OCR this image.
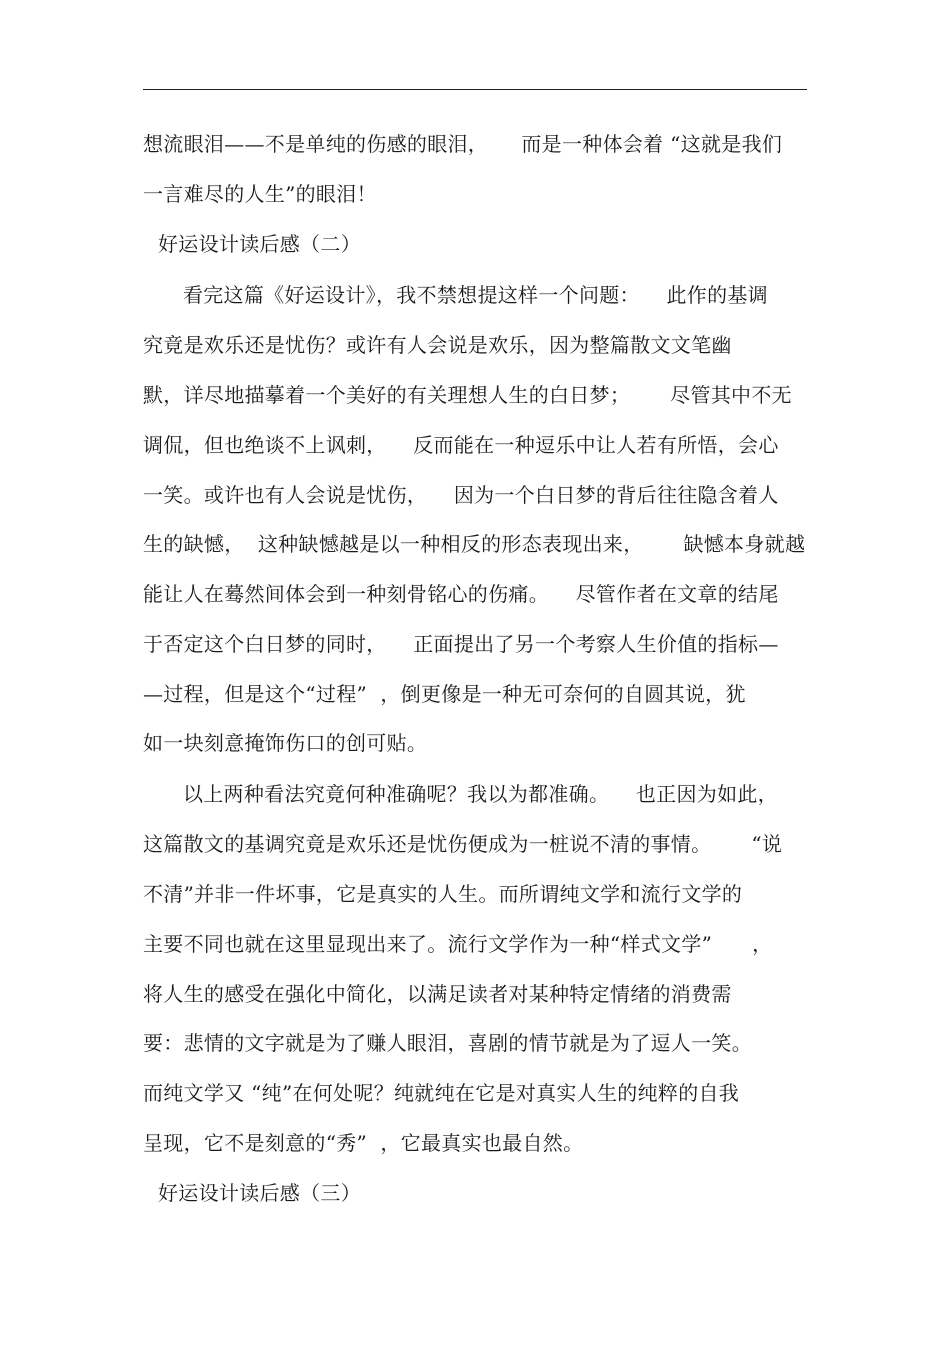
想流眼泪——不是单纯的伤感的眼泪，     而是一种体会着 “这就是我们
一言难尽的人生”的眼泪！
好运设计读后感（二）
看完这篇《好运设计》，我不禁想提这样一个问题：    此作的基调
究竟是欢乐还是忧伤？或许有人会说是欢乐，因为整篇散文文笔幽
默，详尽地描摹着一个美好的有关理想人生的白日梦；      尽管其中不无
调侃，但也绝谈不上讽刺，    反而能在一种逗乐中让人若有所悟，会心
一笑。或许也有人会说是忧伤，    因为一个白日梦的背后往往隐含着人
生的缺憾，  这种缺憾越是以一种相反的形态表现出来，      缺憾本身就越
能让人在蓦然间体会到一种刻骨铭心的伤痛。    尽管作者在文章的结尾
于否定这个白日梦的同时，    正面提出了另一个考察人生价值的指标—
—过程，但是这个“过程”  ，倒更像是一种无可奈何的自圆其说，犹
如一块刻意掩饰伤口的创可贴。
以上两种看法究竟何种准确呢？我以为都准确。    也正因为如此，
这篇散文的基调究竟是欢乐还是忧伤便成为一桩说不清的事情。      “说
不清”并非一件坏事，它是真实的人生。而所谓纯文学和流行文学的
主要不同也就在这里显现出来了。流行文学作为一种“样式文学”      ，
将人生的感受在强化中简化，以满足读者对某种特定情绪的消费需
要：悲情的文字就是为了赚人眼泪，喜剧的情节就是为了逗人一笑。
而纯文学又 “纯”在何处呢？纯就纯在它是对真实人生的纯粹的自我
呈现，它不是刻意的“秀”  ，它最真实也最自然。
好运设计读后感（三）
